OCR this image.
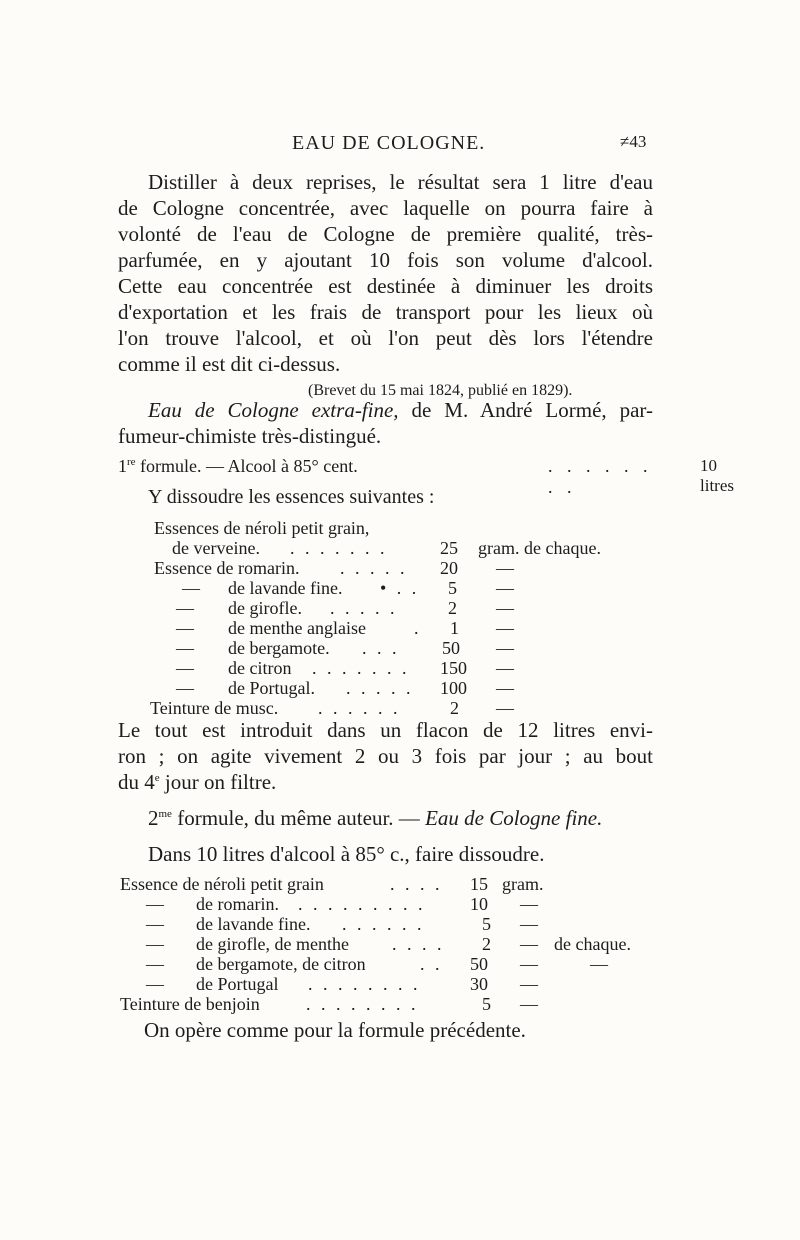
EAU DE COLOGNE.	≠43
Distiller à deux reprises, le résultat sera 1 litre d'eau
de Cologne concentrée, avec laquelle on pourra faire à
volonté de l'eau de Cologne de première qualité, très-
parfumée, en y ajoutant 10 fois son volume d'alcool.
Cette eau concentrée est destinée à diminuer les droits
d'exportation et les frais de transport pour les lieux où
l'on trouve l'alcool, et où l'on peut dès lors l'étendre
comme il est dit ci-dessus.
(Brevet du 15 mai 1824, publié en 1829).
Eau de Cologne extra-fine, de M. André Lormé, par-
fumeur-chimiste très-distingué.
1re formule. — Alcool à 85° cent.	. . . . . . . .
10 litres
Y dissoudre les essences suivantes :
Essences de néroli petit grain,
de verveine. . . . . . . .	25 gram. de chaque.
Essence de romarin. . . . . . 20 —
— de lavande fine. • . . 5 —
— de girofle. . . . . .	2 —
— de menthe anglaise	. 1 —
— de bergamote. . . . 50 —
— de citron . . . . . . . 150 —
— de Portugal. . . . . . 100 —
Teinture de musc. . . . . . .	2 —
Le tout est introduit dans un flacon de 12 litres envi-
ron ; on agite vivement 2 ou 3 fois par jour ; au bout
du 4e jour on filtre.
$2^{me}$ formule, du même auteur. — Eau de Cologne fine.
Dans 10 litres d'alcool à 85° c., faire dissoudre.
Essence de néroli petit grain	. . . . 15 gram.
— de romarin. . . . . . . . . . 10 —
— de lavande fine. . . . . . .	5 —
— de girofle, de menthe . . . . 2 — de chaque.
— de bergamote, de citron	. . 50 —	—
— de Portugal . . . . . . . .	30 —
Teinture de benjoin	. . . . . . . .	5 —
On opère comme pour la formule précédente.
